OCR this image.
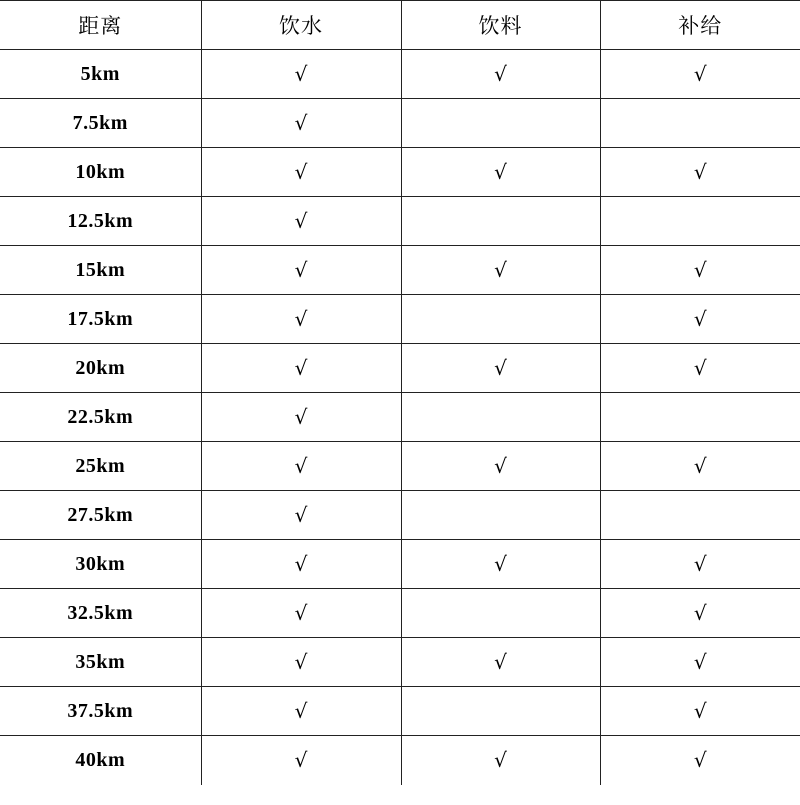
距离	饮水	饮料	补给
5km	√	√	√
7.5km	√		
10km	√	√	√
12.5km	√		
15km	√	√	√
17.5km	√		√
20km	√	√	√
22.5km	√		
25km	√	√	√
27.5km	√		
30km	√	√	√
32.5km	√		√
35km	√	√	√
37.5km	√		√
40km	√	√	√
